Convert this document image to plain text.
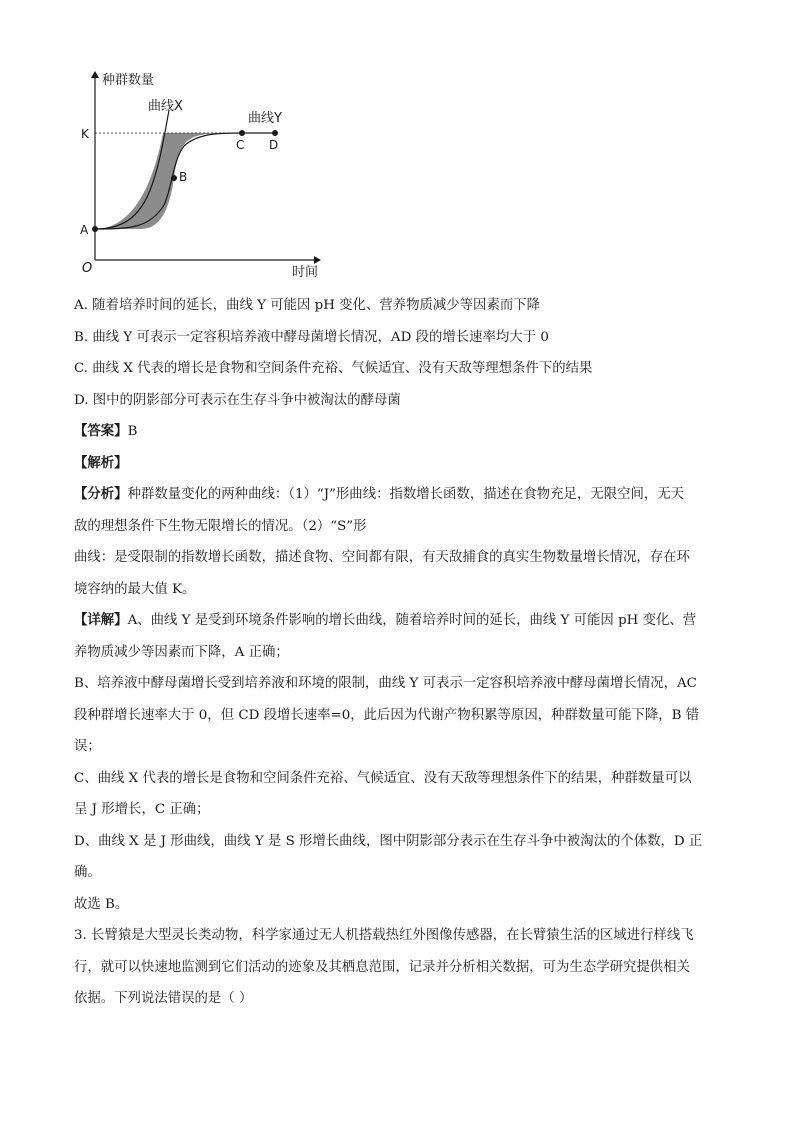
种群数量
时间
O
K
A
B
C D
曲线X
曲线Y

A. 随着培养时间的延长，曲线 Y 可能因 pH 变化、营养物质减少等因素而下降

B. 曲线 Y 可表示一定容积培养液中酵母菌增长情况，AD 段的增长速率均大于 0

C. 曲线 X 代表的增长是食物和空间条件充裕、气候适宜、没有天敌等理想条件下的结果

D. 图中的阴影部分可表示在生存斗争中被淘汰的酵母菌

【答案】B

【解析】

【分析】种群数量变化的两种曲线：（1）“J”形曲线：指数增长函数，描述在食物充足，无限空间，无天

敌的理想条件下生物无限增长的情况。（2）“S”形

曲线：是受限制的指数增长函数，描述食物、空间都有限，有天敌捕食的真实生物数量增长情况，存在环

境容纳的最大值 K。

【详解】A、曲线 Y 是受到环境条件影响的增长曲线，随着培养时间的延长，曲线 Y 可能因 pH 变化、营

养物质减少等因素而下降，A 正确；

B、培养液中酵母菌增长受到培养液和环境的限制，曲线 Y 可表示一定容积培养液中酵母菌增长情况，AC

段种群增长速率大于 0，但 CD 段增长速率=0，此后因为代谢产物积累等原因，种群数量可能下降，B 错

误；

C、曲线 X 代表的增长是食物和空间条件充裕、气候适宜、没有天敌等理想条件下的结果，种群数量可以

呈 J 形增长，C 正确；

D、曲线 X 是 J 形曲线，曲线 Y 是 S 形增长曲线，图中阴影部分表示在生存斗争中被淘汰的个体数，D 正

确。

故选 B。

3. 长臂猿是大型灵长类动物，科学家通过无人机搭载热红外图像传感器，在长臂猿生活的区域进行样线飞

行，就可以快速地监测到它们活动的迹象及其栖息范围，记录并分析相关数据，可为生态学研究提供相关

依据。下列说法错误的是（ ）
